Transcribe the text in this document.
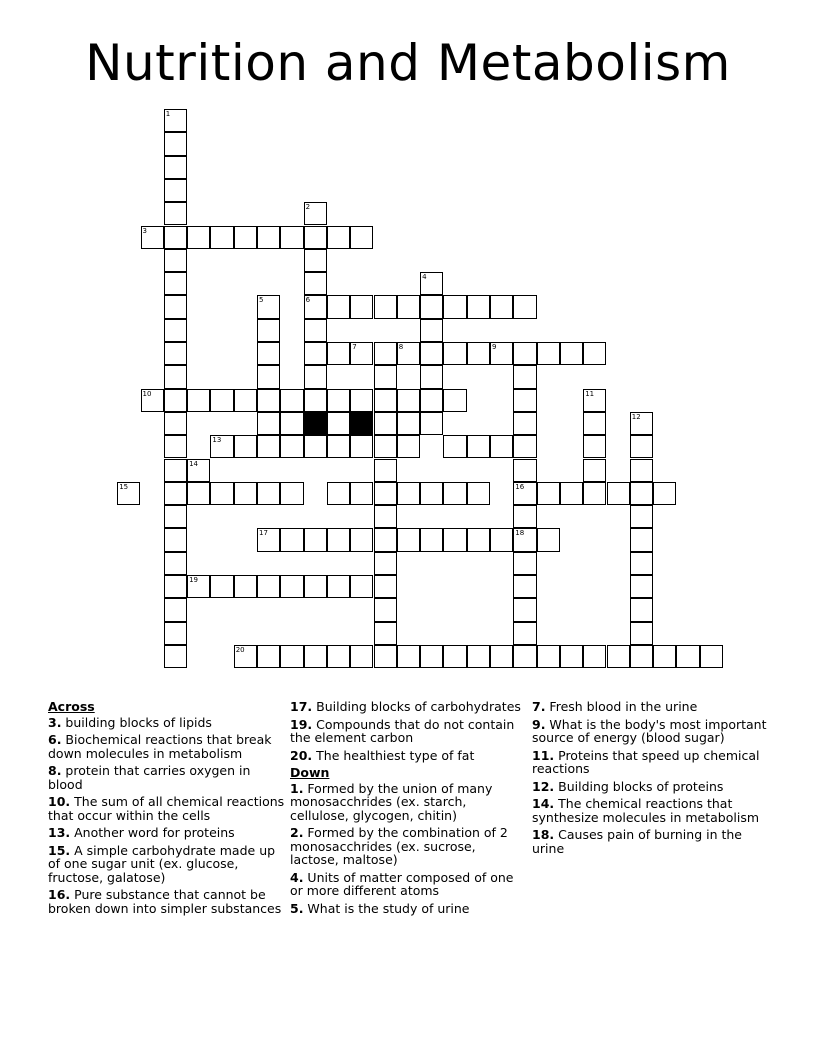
Nutrition and Metabolism
1
3
2
6
4
5
7	8	9
16
18
10	11
12
13
14
17
19
15
20
Across
3. building blocks of lipids
6. Biochemical reactions that break down molecules in metabolism
8. protein that carries oxygen in blood
10. The sum of all chemical reactions that occur within the cells
13. Another word for proteins
15. A simple carbohydrate made up of one sugar unit (ex. glucose, fructose, galatose)
16. Pure substance that cannot be broken down into simpler substances
17. Building blocks of carbohydrates
19. Compounds that do not contain the element carbon
20. The healthiest type of fat
Down
1. Formed by the union of many monosacchrides (ex. starch, cellulose, glycogen, chitin)
2. Formed by the combination of 2 monosacchrides (ex. sucrose, lactose, maltose)
4. Units of matter composed of one or more different atoms
5. What is the study of urine
7. Fresh blood in the urine
9. What is the body's most important source of energy (blood sugar)
11. Proteins that speed up chemical reactions
12. Building blocks of proteins
14. The chemical reactions that synthesize molecules in metabolism
18. Causes pain of burning in the urine
